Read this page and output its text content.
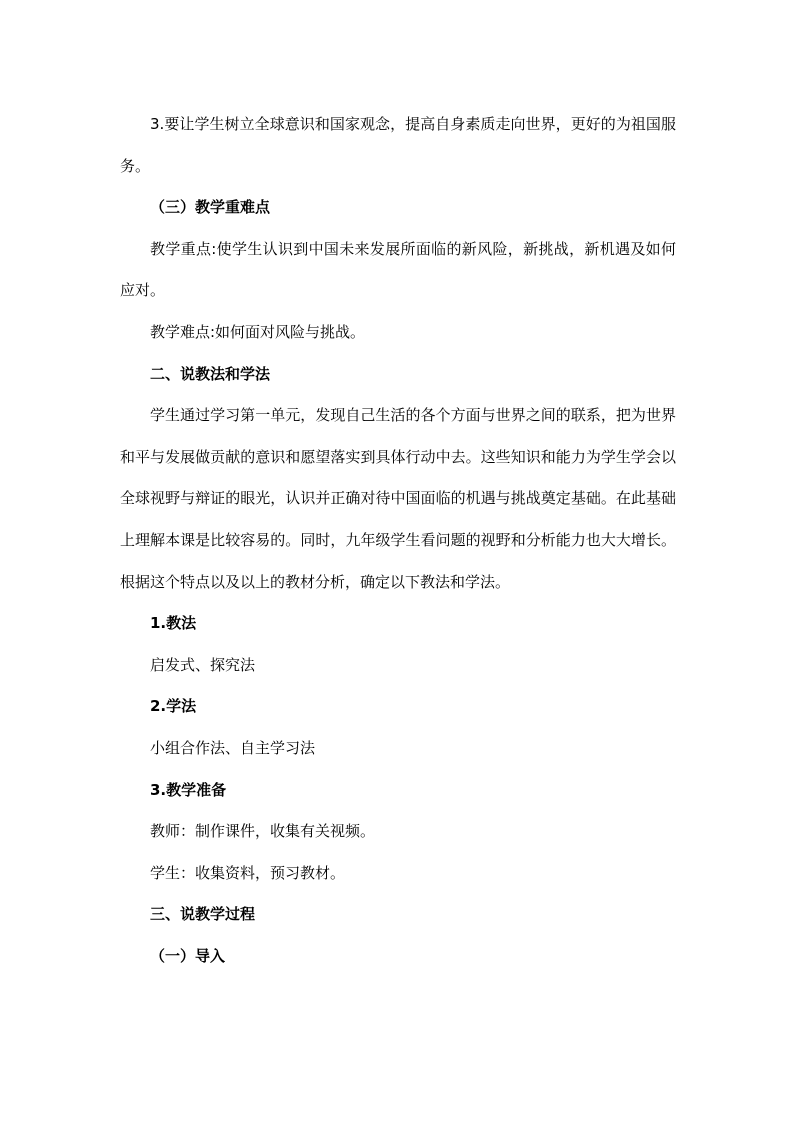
3.要让学生树立全球意识和国家观念，提高自身素质走向世界，更好的为祖国服务。

（三）教学重难点

教学重点:使学生认识到中国未来发展所面临的新风险，新挑战，新机遇及如何应对。

教学难点:如何面对风险与挑战。

二、说教法和学法

学生通过学习第一单元，发现自己生活的各个方面与世界之间的联系，把为世界和平与发展做贡献的意识和愿望落实到具体行动中去。这些知识和能力为学生学会以全球视野与辩证的眼光，认识并正确对待中国面临的机遇与挑战奠定基础。在此基础上理解本课是比较容易的。同时，九年级学生看问题的视野和分析能力也大大增长。根据这个特点以及以上的教材分析，确定以下教法和学法。

1.教法

启发式、探究法

2.学法

小组合作法、自主学习法

3.教学准备

教师：制作课件，收集有关视频。

学生：收集资料，预习教材。

三、说教学过程

（一）导入
